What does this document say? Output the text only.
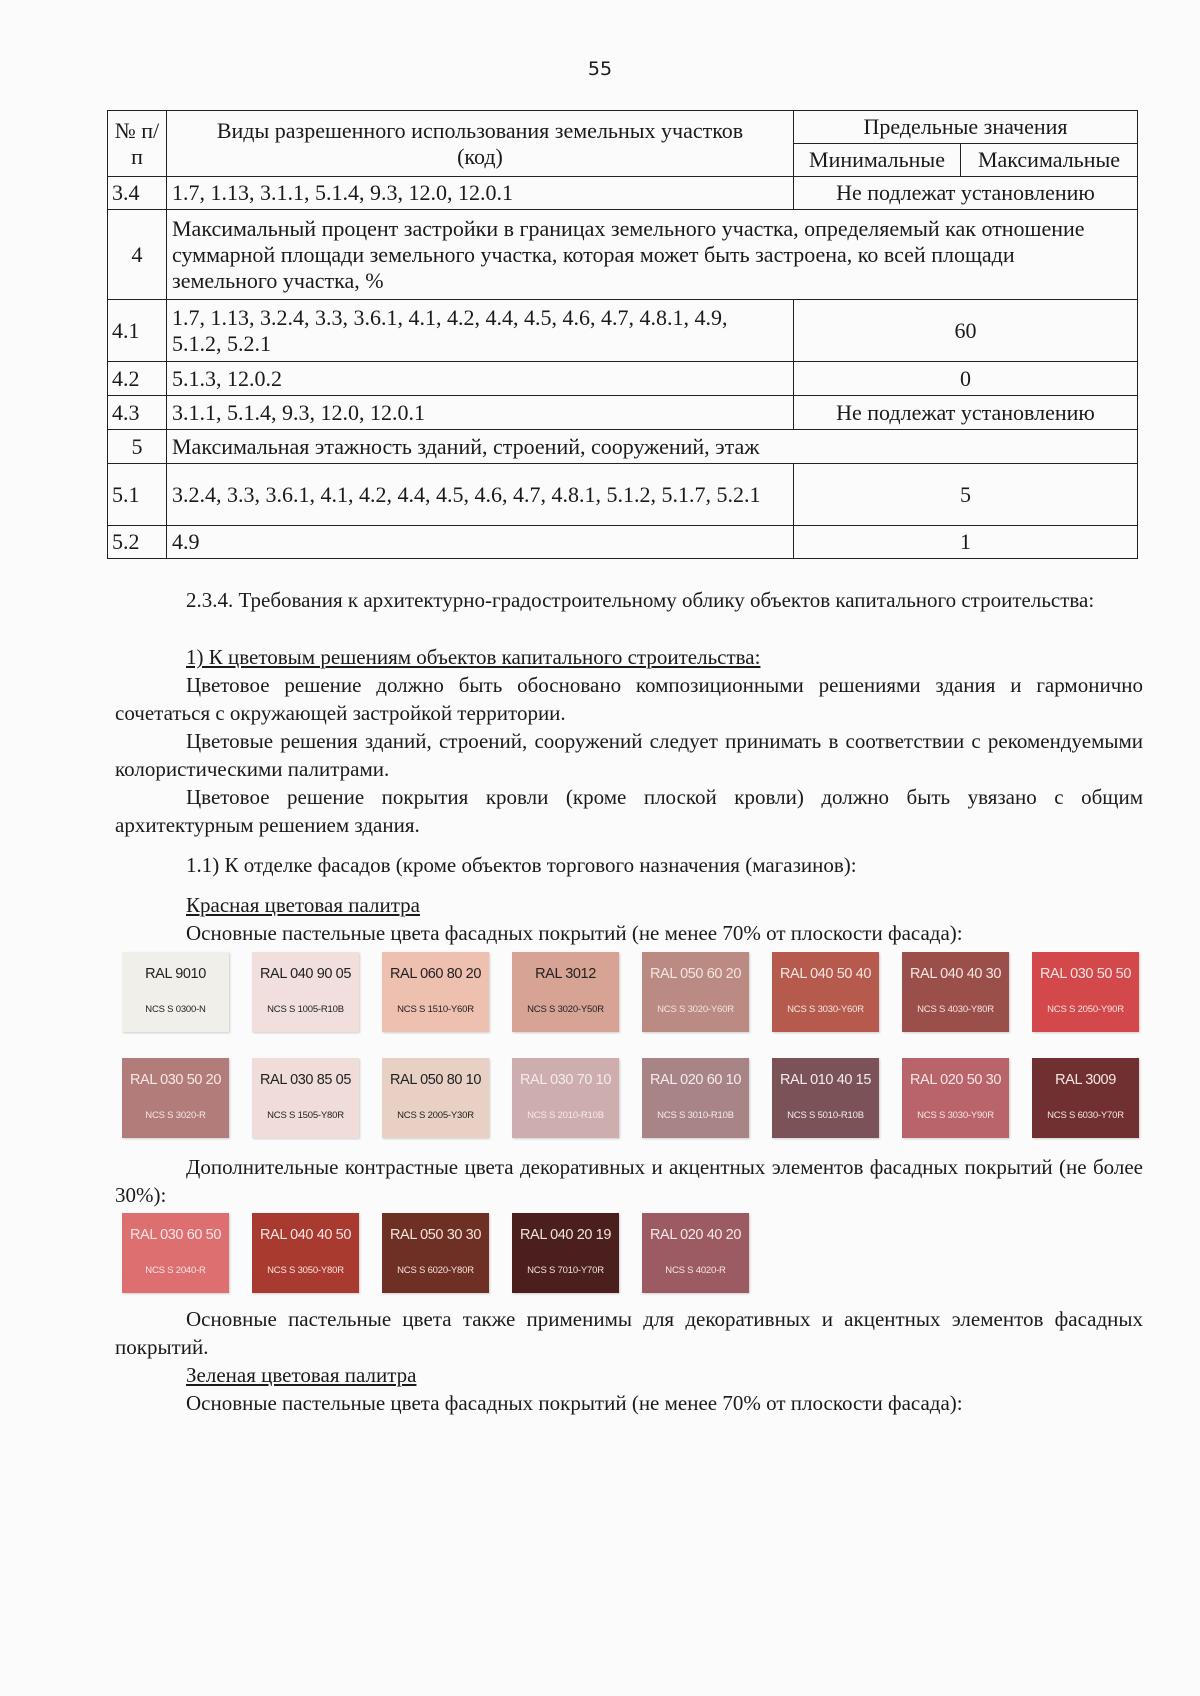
55
№ п/п	Виды разрешенного использования земельных участков (код)	Предельные значения	
		Минимальные	Максимальные
3.4	1.7, 1.13, 3.1.1, 5.1.4, 9.3, 12.0, 12.0.1	Не подлежат установлению	
4	Максимальный процент застройки в границах земельного участка, определяемый как отношение суммарной площади земельного участка, которая может быть застроена, ко всей площади земельного участка, %		
4.1	1.7, 1.13, 3.2.4, 3.3, 3.6.1, 4.1, 4.2, 4.4, 4.5, 4.6, 4.7, 4.8.1, 4.9, 5.1.2, 5.2.1	60	
4.2	5.1.3, 12.0.2	0	
4.3	3.1.1, 5.1.4, 9.3, 12.0, 12.0.1	Не подлежат установлению	
5	Максимальная этажность зданий, строений, сооружений, этаж		
5.1	3.2.4, 3.3, 3.6.1, 4.1, 4.2, 4.4, 4.5, 4.6, 4.7, 4.8.1, 5.1.2, 5.1.7, 5.2.1	5	
5.2	4.9	1	

2.3.4. Требования к архитектурно-градостроительному облику объектов капитального строительства:

1) К цветовым решениям объектов капитального строительства:

Цветовое решение должно быть обосновано композиционными решениями здания и гармонично сочетаться с окружающей застройкой территории.

Цветовые решения зданий, строений, сооружений следует принимать в соответствии с рекомендуемыми колористическими палитрами.

Цветовое решение покрытия кровли (кроме плоской кровли) должно быть увязано с общим архитектурным решением здания.

1.1) К отделке фасадов (кроме объектов торгового назначения (магазинов):

Красная цветовая палитра

Основные пастельные цвета фасадных покрытий (не менее 70% от плоскости фасада):

RAL 9010
NCS S 0300-N
RAL 040 90 05
NCS S 1005-R10B
RAL 060 80 20
NCS S 1510-Y60R
RAL 3012
NCS S 3020-Y50R
RAL 050 60 20
NCS S 3020-Y60R
RAL 040 50 40
NCS S 3030-Y60R
RAL 040 40 30
NCS S 4030-Y80R
RAL 030 50 50
NCS S 2050-Y90R
RAL 030 50 20
NCS S 3020-R
RAL 030 85 05
NCS S 1505-Y80R
RAL 050 80 10
NCS S 2005-Y30R
RAL 030 70 10
NCS S 2010-R10B
RAL 020 60 10
NCS S 3010-R10B
RAL 010 40 15
NCS S 5010-R10B
RAL 020 50 30
NCS S 3030-Y90R
RAL 3009
NCS S 6030-Y70R

Дополнительные контрастные цвета декоративных и акцентных элементов фасадных покрытий (не более 30%):

RAL 030 60 50
NCS S 2040-R
RAL 040 40 50
NCS S 3050-Y80R
RAL 050 30 30
NCS S 6020-Y80R
RAL 040 20 19
NCS S 7010-Y70R
RAL 020 40 20
NCS S 4020-R

Основные пастельные цвета также применимы для декоративных и акцентных элементов фасадных покрытий.

Зеленая цветовая палитра

Основные пастельные цвета фасадных покрытий (не менее 70% от плоскости фасада):
